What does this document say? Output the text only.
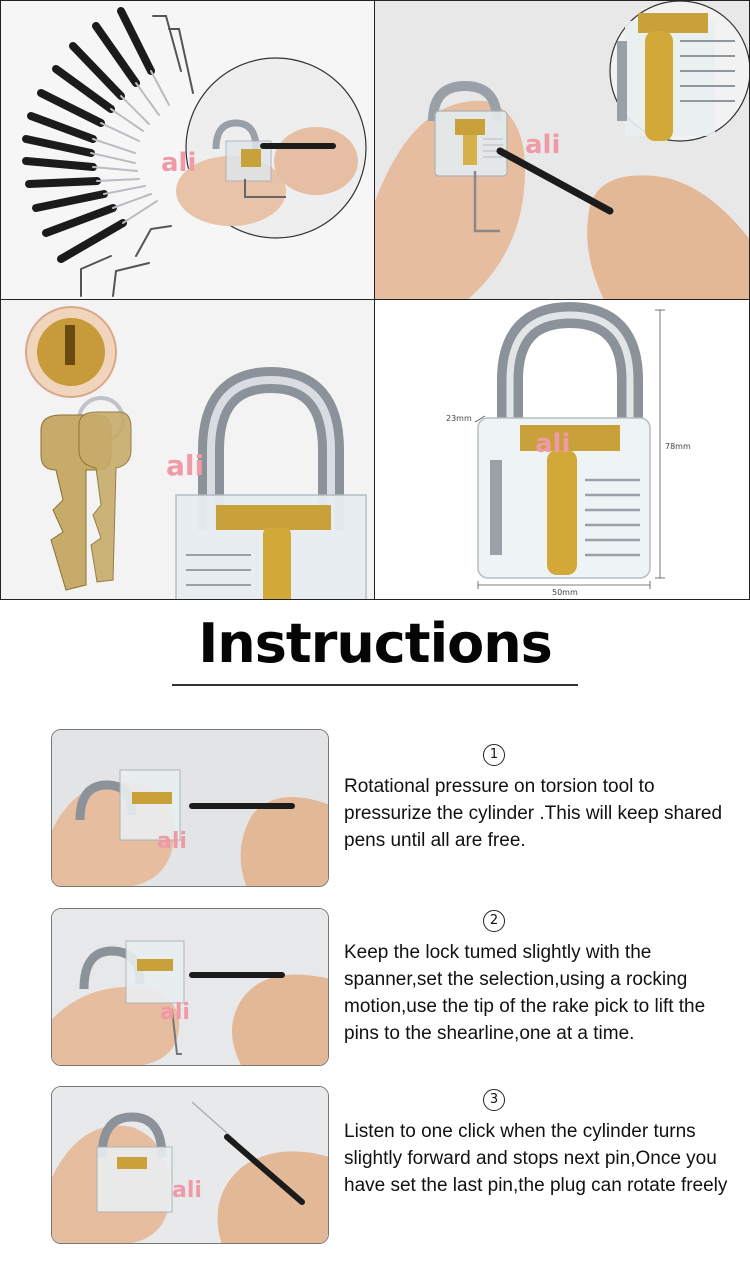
ali
ali
ali
ali	78mm
50mm
23mm
Instructions
ali
1
Rotational pressure on torsion tool to pressurize the cylinder .This will keep shared pens until all are free.
ali
2
Keep the lock tumed slightly with the spanner,set the selection,using a rocking motion,use the tip of the rake pick to lift the pins to the shearline,one at a time.
ali
3
Listen to one click when the cylinder turns slightly forward and stops next pin,Once you have set the last pin,the plug can rotate freely
